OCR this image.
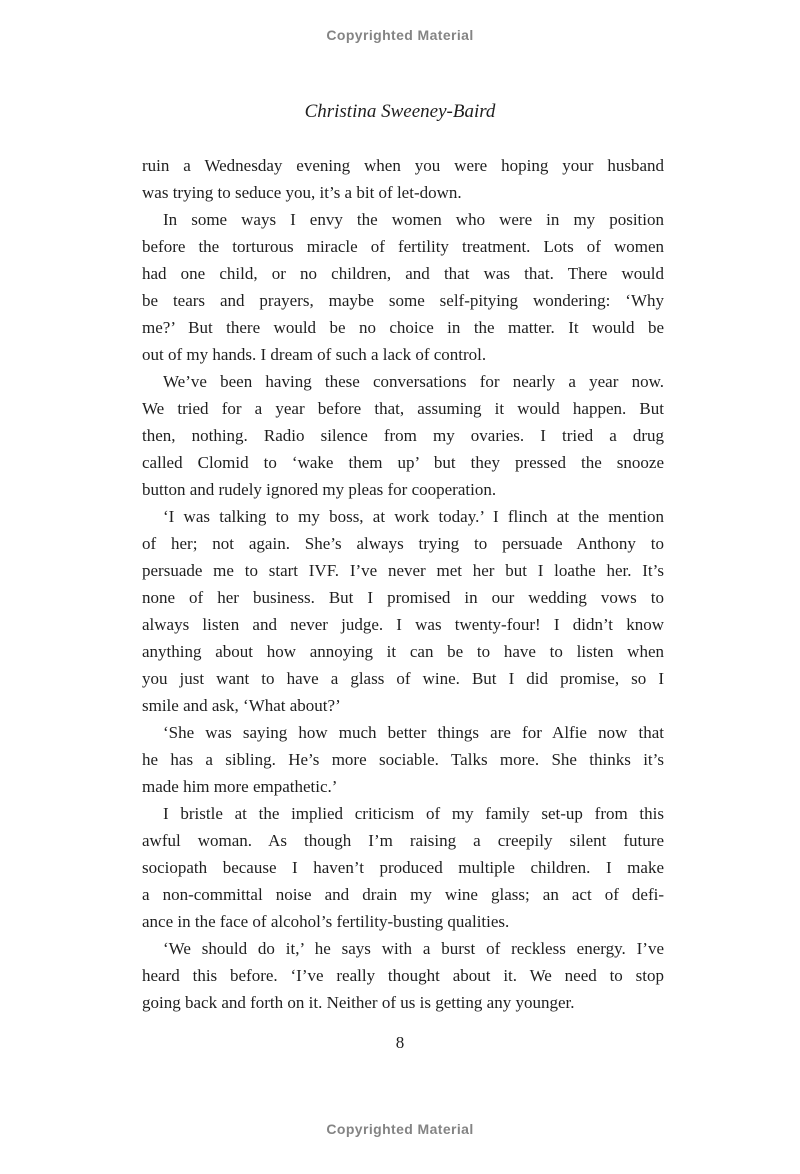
Copyrighted Material
Christina Sweeney-Baird

ruin a Wednesday evening when you were hoping your husband
was trying to seduce you, it’s a bit of let-down.

In some ways I envy the women who were in my position
before the torturous miracle of fertility treatment. Lots of women
had one child, or no children, and that was that. There would
be tears and prayers, maybe some self-pitying wondering: ‘Why
me?’ But there would be no choice in the matter. It would be
out of my hands. I dream of such a lack of control.

We’ve been having these conversations for nearly a year now.
We tried for a year before that, assuming it would happen. But
then, nothing. Radio silence from my ovaries. I tried a drug
called Clomid to ‘wake them up’ but they pressed the snooze
button and rudely ignored my pleas for cooperation.

‘I was talking to my boss, at work today.’ I flinch at the mention
of her; not again. She’s always trying to persuade Anthony to
persuade me to start IVF. I’ve never met her but I loathe her. It’s
none of her business. But I promised in our wedding vows to
always listen and never judge. I was twenty-four! I didn’t know
anything about how annoying it can be to have to listen when
you just want to have a glass of wine. But I did promise, so I
smile and ask, ‘What about?’

‘She was saying how much better things are for Alfie now that
he has a sibling. He’s more sociable. Talks more. She thinks it’s
made him more empathetic.’

I bristle at the implied criticism of my family set-up from this
awful woman. As though I’m raising a creepily silent future
sociopath because I haven’t produced multiple children. I make
a non-committal noise and drain my wine glass; an act of defi-
ance in the face of alcohol’s fertility-busting qualities.

‘We should do it,’ he says with a burst of reckless energy. I’ve
heard this before. ‘I’ve really thought about it. We need to stop
going back and forth on it. Neither of us is getting any younger.

8
Copyrighted Material
